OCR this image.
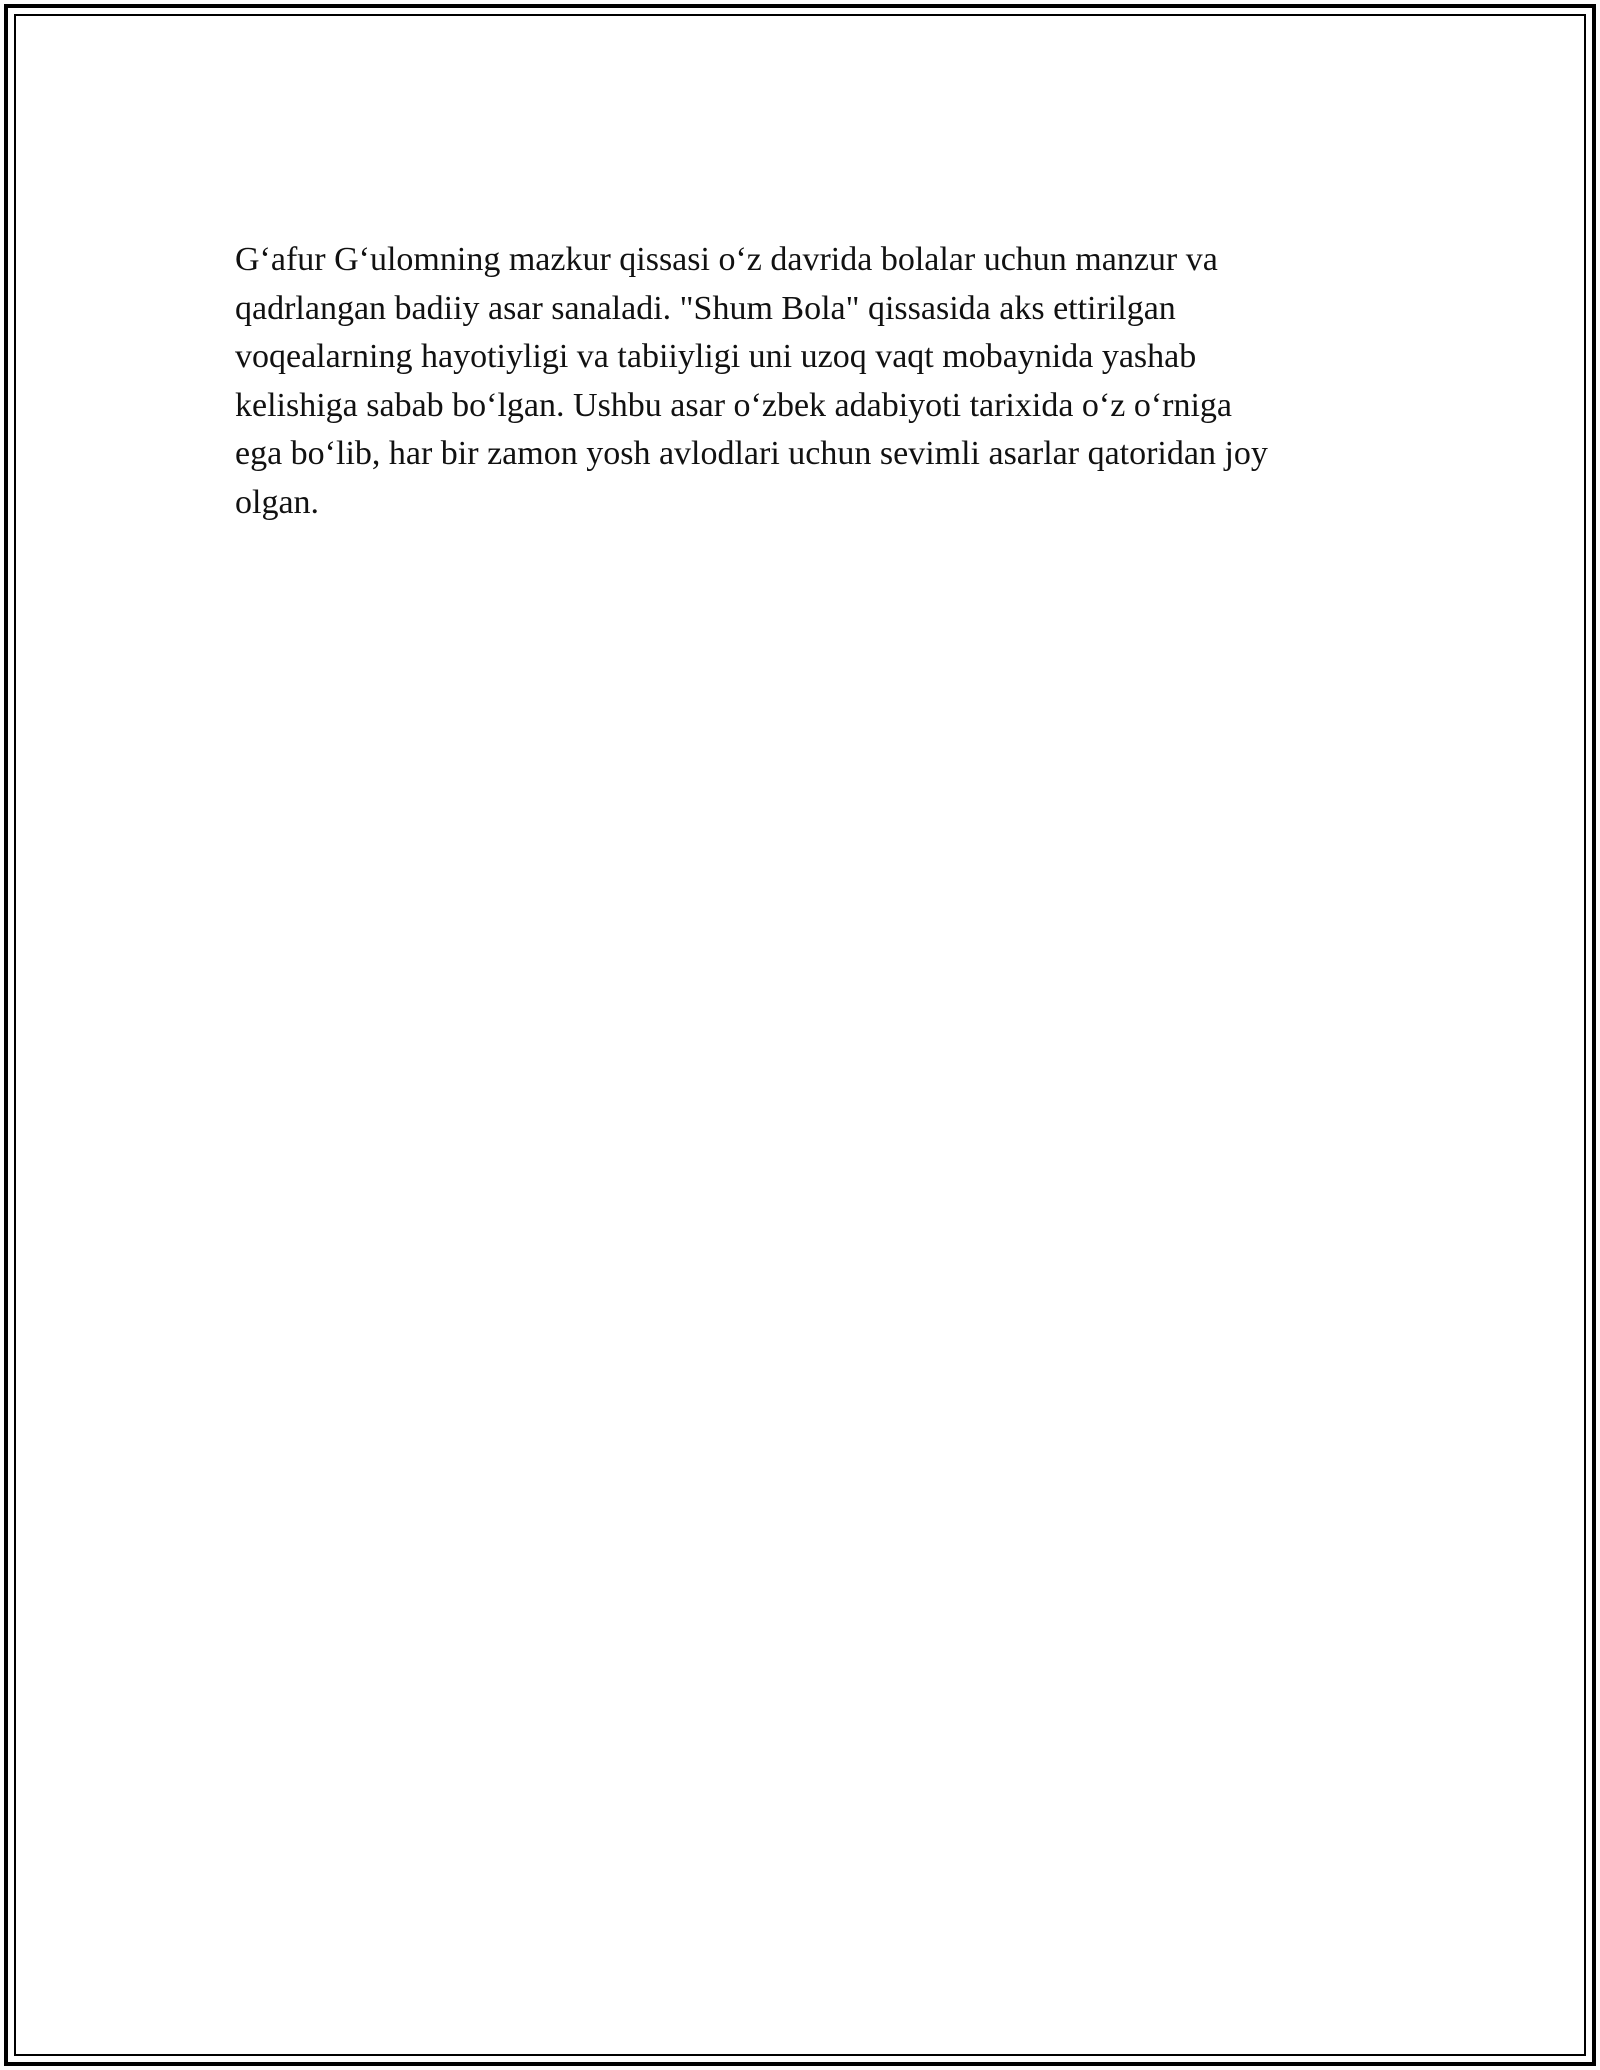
G‘afur G‘ulomning mazkur qissasi o‘z davrida bolalar uchun manzur va
qadrlangan badiiy asar sanaladi. "Shum Bola" qissasida aks ettirilgan
voqealarning hayotiyligi va tabiiyligi uni uzoq vaqt mobaynida yashab
kelishiga sabab bo‘lgan. Ushbu asar o‘zbek adabiyoti tarixida o‘z o‘rniga
ega bo‘lib, har bir zamon yosh avlodlari uchun sevimli asarlar qatoridan joy
olgan.
